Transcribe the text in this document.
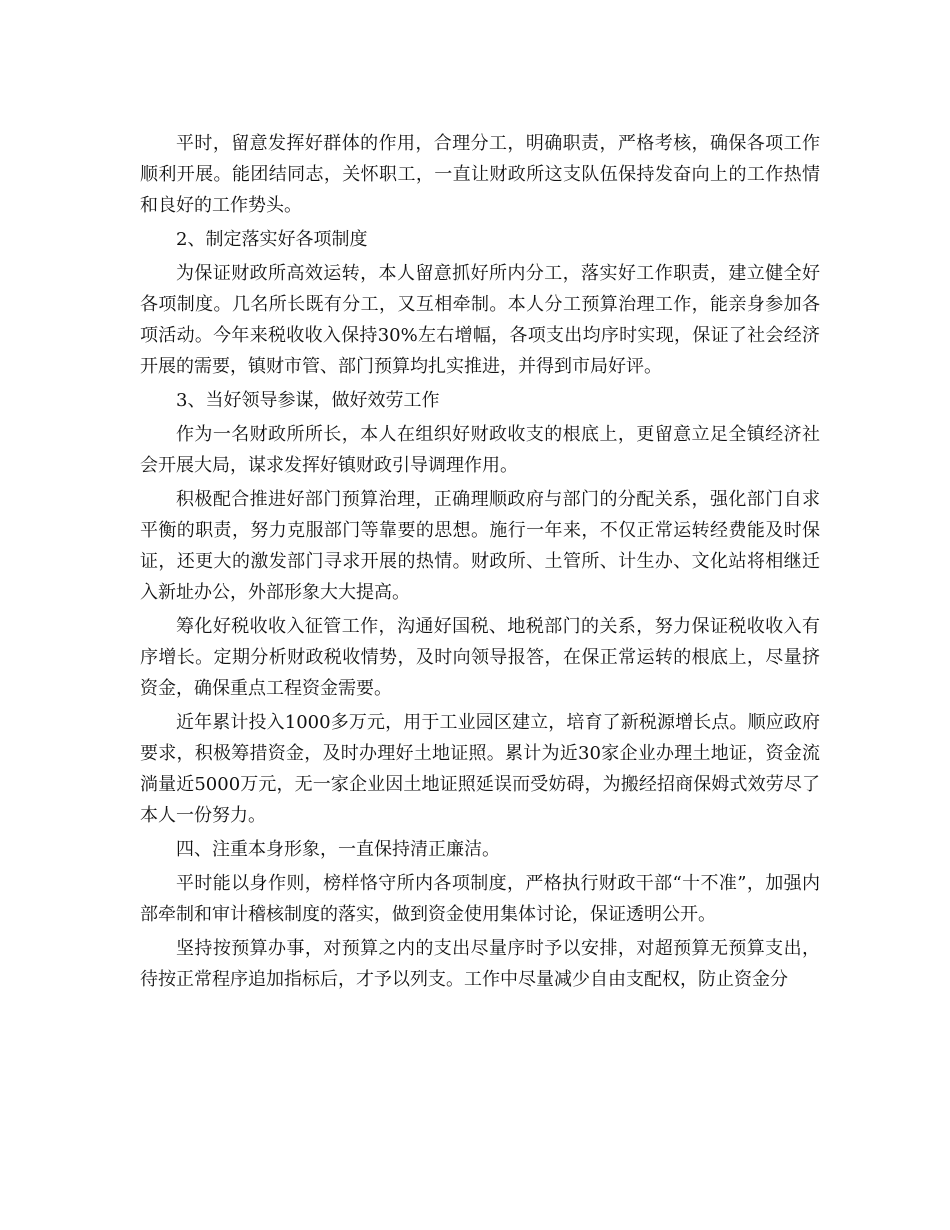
平时，留意发挥好群体的作用，合理分工，明确职责，严格考核，确保各项工作顺利开展。能团结同志，关怀职工，一直让财政所这支队伍保持发奋向上的工作热情和良好的工作势头。

2、制定落实好各项制度

为保证财政所高效运转，本人留意抓好所内分工，落实好工作职责，建立健全好各项制度。几名所长既有分工，又互相牵制。本人分工预算治理工作，能亲身参加各项活动。今年来税收收入保持30%左右增幅，各项支出均序时实现，保证了社会经济开展的需要，镇财市管、部门预算均扎实推进，并得到市局好评。

3、当好领导参谋，做好效劳工作

作为一名财政所所长，本人在组织好财政收支的根底上，更留意立足全镇经济社会开展大局，谋求发挥好镇财政引导调理作用。

积极配合推进好部门预算治理，正确理顺政府与部门的分配关系，强化部门自求平衡的职责，努力克服部门等靠要的思想。施行一年来，不仅正常运转经费能及时保证，还更大的激发部门寻求开展的热情。财政所、土管所、计生办、文化站将相继迁入新址办公，外部形象大大提高。

筹化好税收收入征管工作，沟通好国税、地税部门的关系，努力保证税收收入有序增长。定期分析财政税收情势，及时向领导报答，在保正常运转的根底上，尽量挤资金，确保重点工程资金需要。

近年累计投入1000多万元，用于工业园区建立，培育了新税源增长点。顺应政府要求，积极筹措资金，及时办理好土地证照。累计为近30家企业办理土地证，资金流淌量近5000万元，无一家企业因土地证照延误而受妨碍，为搬经招商保姆式效劳尽了本人一份努力。

四、注重本身形象，一直保持清正廉洁。

平时能以身作则，榜样恪守所内各项制度，严格执行财政干部“十不准”，加强内部牵制和审计稽核制度的落实，做到资金使用集体讨论，保证透明公开。

坚持按预算办事，对预算之内的支出尽量序时予以安排，对超预算无预算支出，待按正常程序追加指标后，才予以列支。工作中尽量减少自由支配权，防止资金分
